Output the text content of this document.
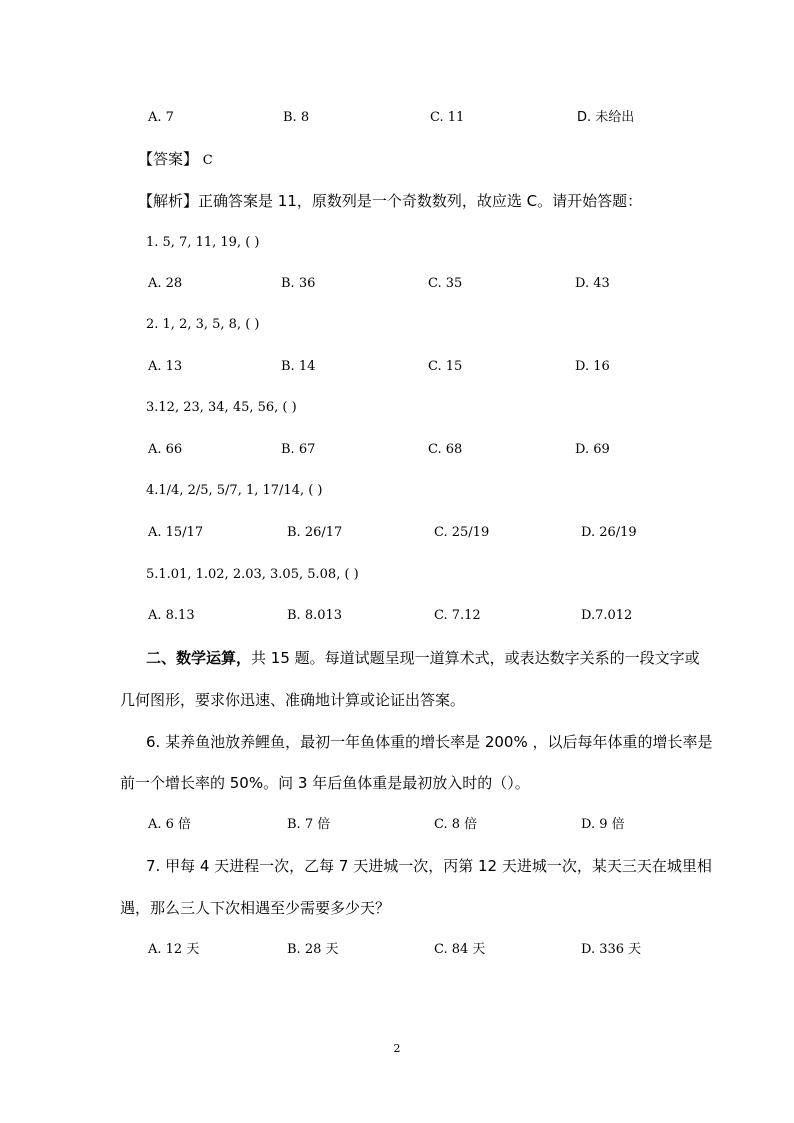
A. 7	B. 8	C. 11	D. 未给出
【答案】 C
【解析】正确答案是 11，原数列是一个奇数数列，故应选 C。请开始答题：
1. 5, 7, 11, 19, ( )
A. 28	B. 36	C. 35	D. 43
2. 1, 2, 3, 5, 8, ( )
A. 13	B. 14	C. 15	D. 16
3.12, 23, 34, 45, 56, ( )
A. 66	B. 67	C. 68	D. 69
4.1/4, 2/5, 5/7, 1, 17/14, ( )
A. 15/17	B. 26/17	C. 25/19	D. 26/19
5.1.01, 1.02, 2.03, 3.05, 5.08, ( )
A. 8.13	B. 8.013	C. 7.12	D.7.012
二、数学运算，共 15 题。每道试题呈现一道算术式，或表达数字关系的一段文字或
几何图形，要求你迅速、准确地计算或论证出答案。
6. 某养鱼池放养鲤鱼，最初一年鱼体重的增长率是 200% ，以后每年体重的增长率是
前一个增长率的 50%。问 3 年后鱼体重是最初放入时的（）。
A. 6 倍	B. 7 倍	C. 8 倍	D. 9 倍
7. 甲每 4 天进程一次，乙每 7 天进城一次，丙第 12 天进城一次，某天三天在城里相
遇，那么三人下次相遇至少需要多少天？
A. 12 天	B. 28 天	C. 84 天	D. 336 天
2
